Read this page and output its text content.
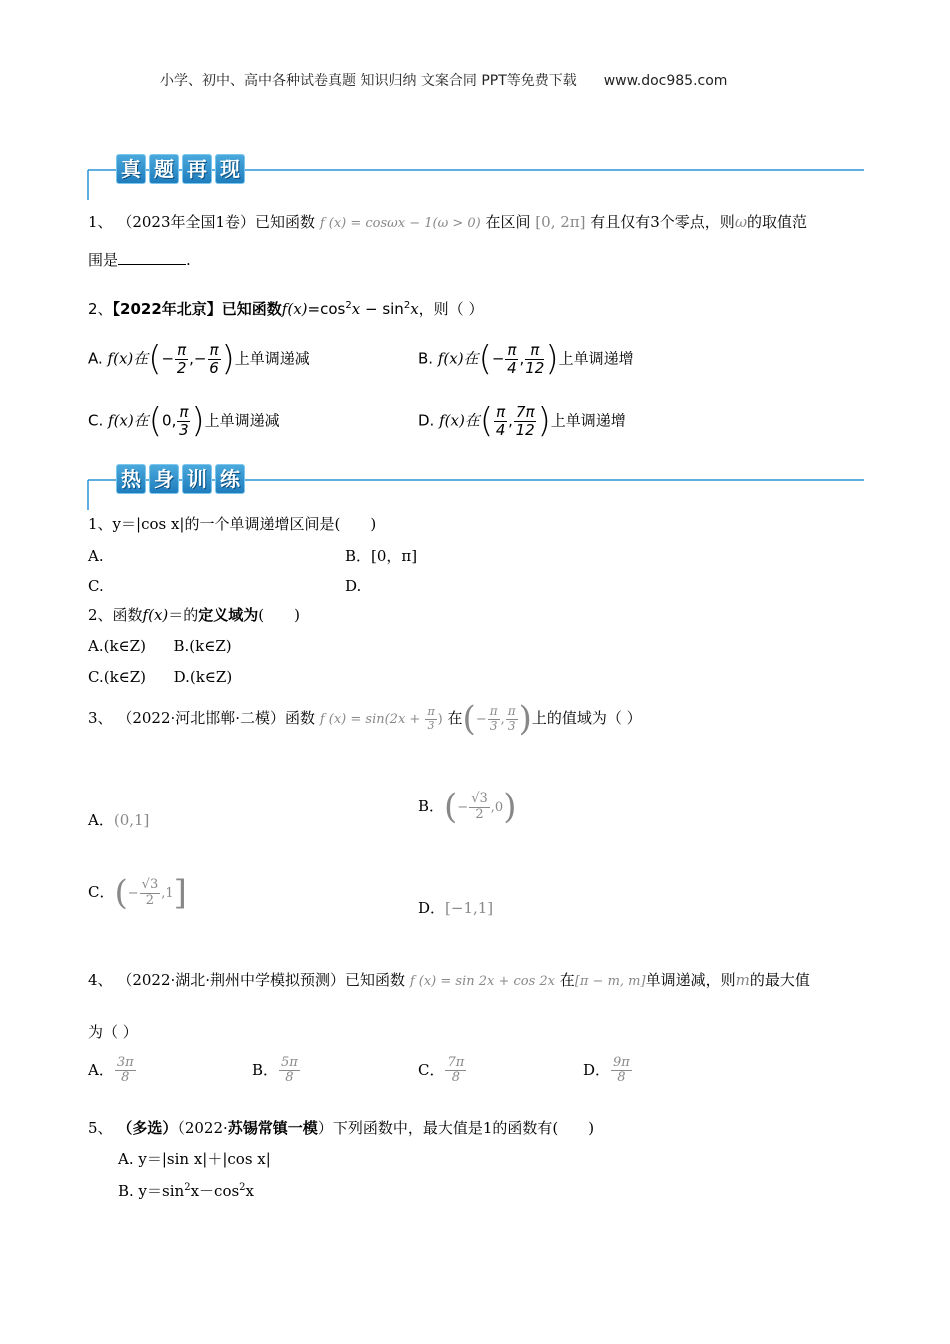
小学、初中、高中各种试卷真题 知识归纳 文案合同 PPT等免费下载 www.doc985.com
真 题 再 现
1、 （2023年全国1卷）已知函数 f (x) = cosωx − 1(ω > 0) 在区间 [0, 2π] 有且仅有3个零点，则ω的取值范
围是	.
2、【2022年北京】已知函数$f(x)=\cos^2x - \sin^2x$，则（ ）
A. f(x)在(− $\frac{\pi}{2}$ ,− $\frac{\pi}{6}$ )上单调递减	B. f(x)在(− $\frac{\pi}{4}$ , $\frac{\pi}{12}$ )上单调递增
C. f(x)在(0, $\frac{\pi}{3}$ )上单调递减	D. f(x)在( $\frac{\pi}{4}$ , $\frac{7\pi}{12}$ )上单调递增
热 身 训 练
1、y＝|cos x|的一个单调递增区间是(　　)
A.	B．[0，π]
C.	D.
2、函数f(x)＝的定义域为(　　)
A.(k∈Z) B.(k∈Z)
C.(k∈Z) D.(k∈Z)
3、 （2022·河北邯郸·二模）函数 f $(x) = \sin(2x + \frac{\pi}{3}$ ) 在(− $\frac{\pi}{3}$ , $\frac{\pi}{3}$ )上的值域为（ ）
A．(0,1]
B．(− $\frac{√3}{2} ,0$)
C．(− $\frac{√3}{2} ,1$]	D．[−1,1]
4、 （2022·湖北·荆州中学模拟预测）已知函数 f (x) = sin 2x + cos 2x 在[π − m, m]单调递减，则m的最大值
为（ ）
A． $\frac{3\pi}{8}$	B． $\frac{5\pi}{8}$	C． $\frac{7\pi}{8}$	D． $\frac{9\pi}{8}$
5、 （多选）（2022·苏锡常镇一模）下列函数中，最大值是1的函数有(　　)
A. y＝|sin x|＋|cos x|
B. $y=\sin^2x-\cos^2x$
